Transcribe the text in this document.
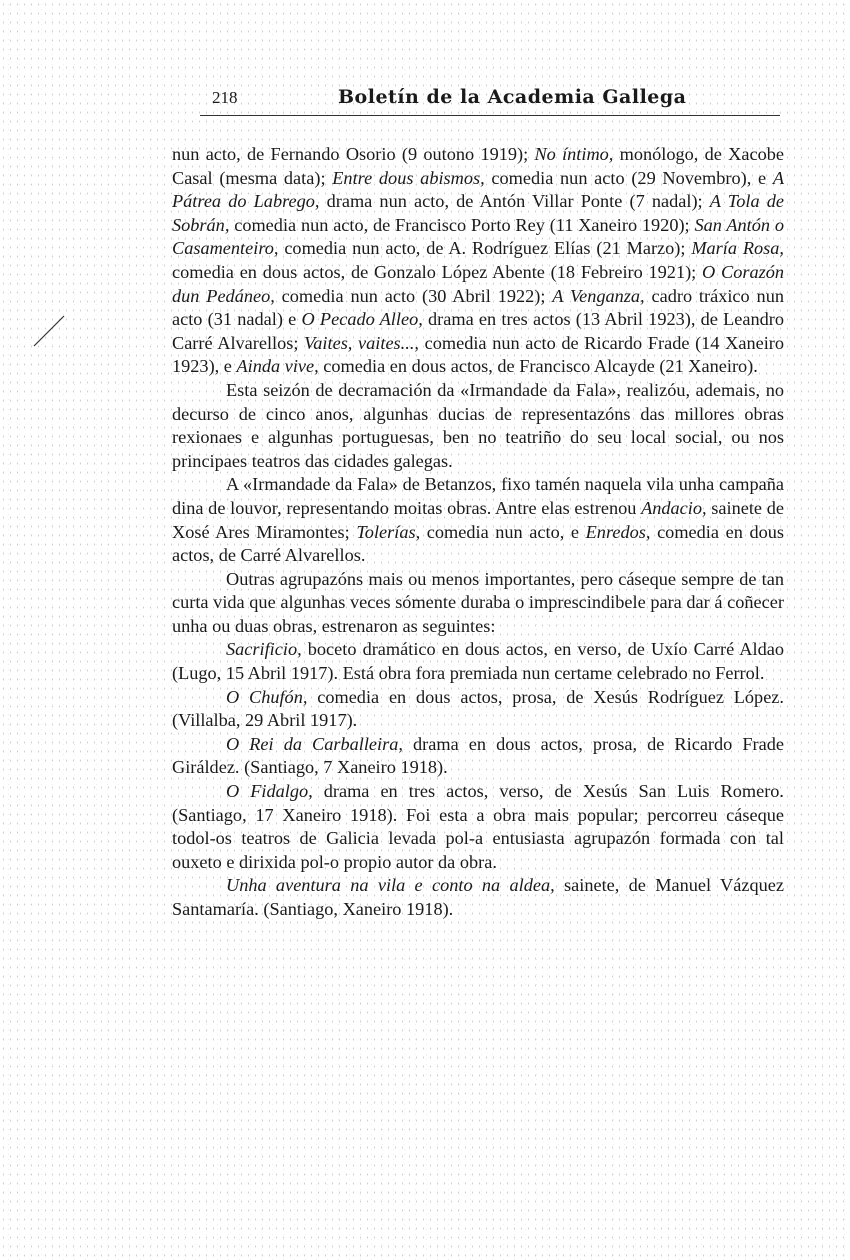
218	Boletín de la Academia Gallega

nun acto, de Fernando Osorio (9 outono 1919); No íntimo, monólogo, de Xacobe Casal (mesma data); Entre dous abismos, comedia nun acto (29 Novembro), e A Pátrea do Labrego, drama nun acto, de Antón Villar Ponte (7 nadal); A Tola de Sobrán, comedia nun acto, de Francisco Porto Rey (11 Xaneiro 1920); San Antón o Casamenteiro, comedia nun acto, de A. Rodríguez Elías (21 Marzo); María Rosa, comedia en dous actos, de Gonzalo López Abente (18 Febreiro 1921); O Corazón dun Pedáneo, comedia nun acto (30 Abril 1922); A Venganza, cadro tráxico nun acto (31 nadal) e O Pecado Alleo, drama en tres actos (13 Abril 1923), de Leandro Carré Alvarellos; Vaites, vaites..., comedia nun acto de Ricardo Frade (14 Xaneiro 1923), e Ainda vive, comedia en dous actos, de Francisco Alcayde (21 Xaneiro).

Esta seizón de decramación da «Irmandade da Fala», realizóu, ademais, no decurso de cinco anos, algunhas ducias de representazóns das millores obras rexionaes e algunhas portuguesas, ben no teatriño do seu local social, ou nos principaes teatros das cidades galegas.

A «Irmandade da Fala» de Betanzos, fixo tamén naquela vila unha campaña dina de louvor, representando moitas obras. Antre elas estrenou Andacio, sainete de Xosé Ares Miramontes; Tolerías, comedia nun acto, e Enredos, comedia en dous actos, de Carré Alvarellos.

Outras agrupazóns mais ou menos importantes, pero cáseque sempre de tan curta vida que algunhas veces sómente duraba o imprescindibele para dar á coñecer unha ou duas obras, estrenaron as seguintes:

Sacrificio, boceto dramático en dous actos, en verso, de Uxío Carré Aldao (Lugo, 15 Abril 1917). Está obra fora premiada nun certame celebrado no Ferrol.

O Chufón, comedia en dous actos, prosa, de Xesús Rodríguez López. (Villalba, 29 Abril 1917).

O Rei da Carballeira, drama en dous actos, prosa, de Ricardo Frade Giráldez. (Santiago, 7 Xaneiro 1918).

O Fidalgo, drama en tres actos, verso, de Xesús San Luis Romero. (Santiago, 17 Xaneiro 1918). Foi esta a obra mais popular; percorreu cáseque todol-os teatros de Galicia levada pol-a entusiasta agrupazón formada con tal ouxeto e dirixida pol-o propio autor da obra.

Unha aventura na vila e conto na aldea, sainete, de Manuel Vázquez Santamaría. (Santiago, Xaneiro 1918).
